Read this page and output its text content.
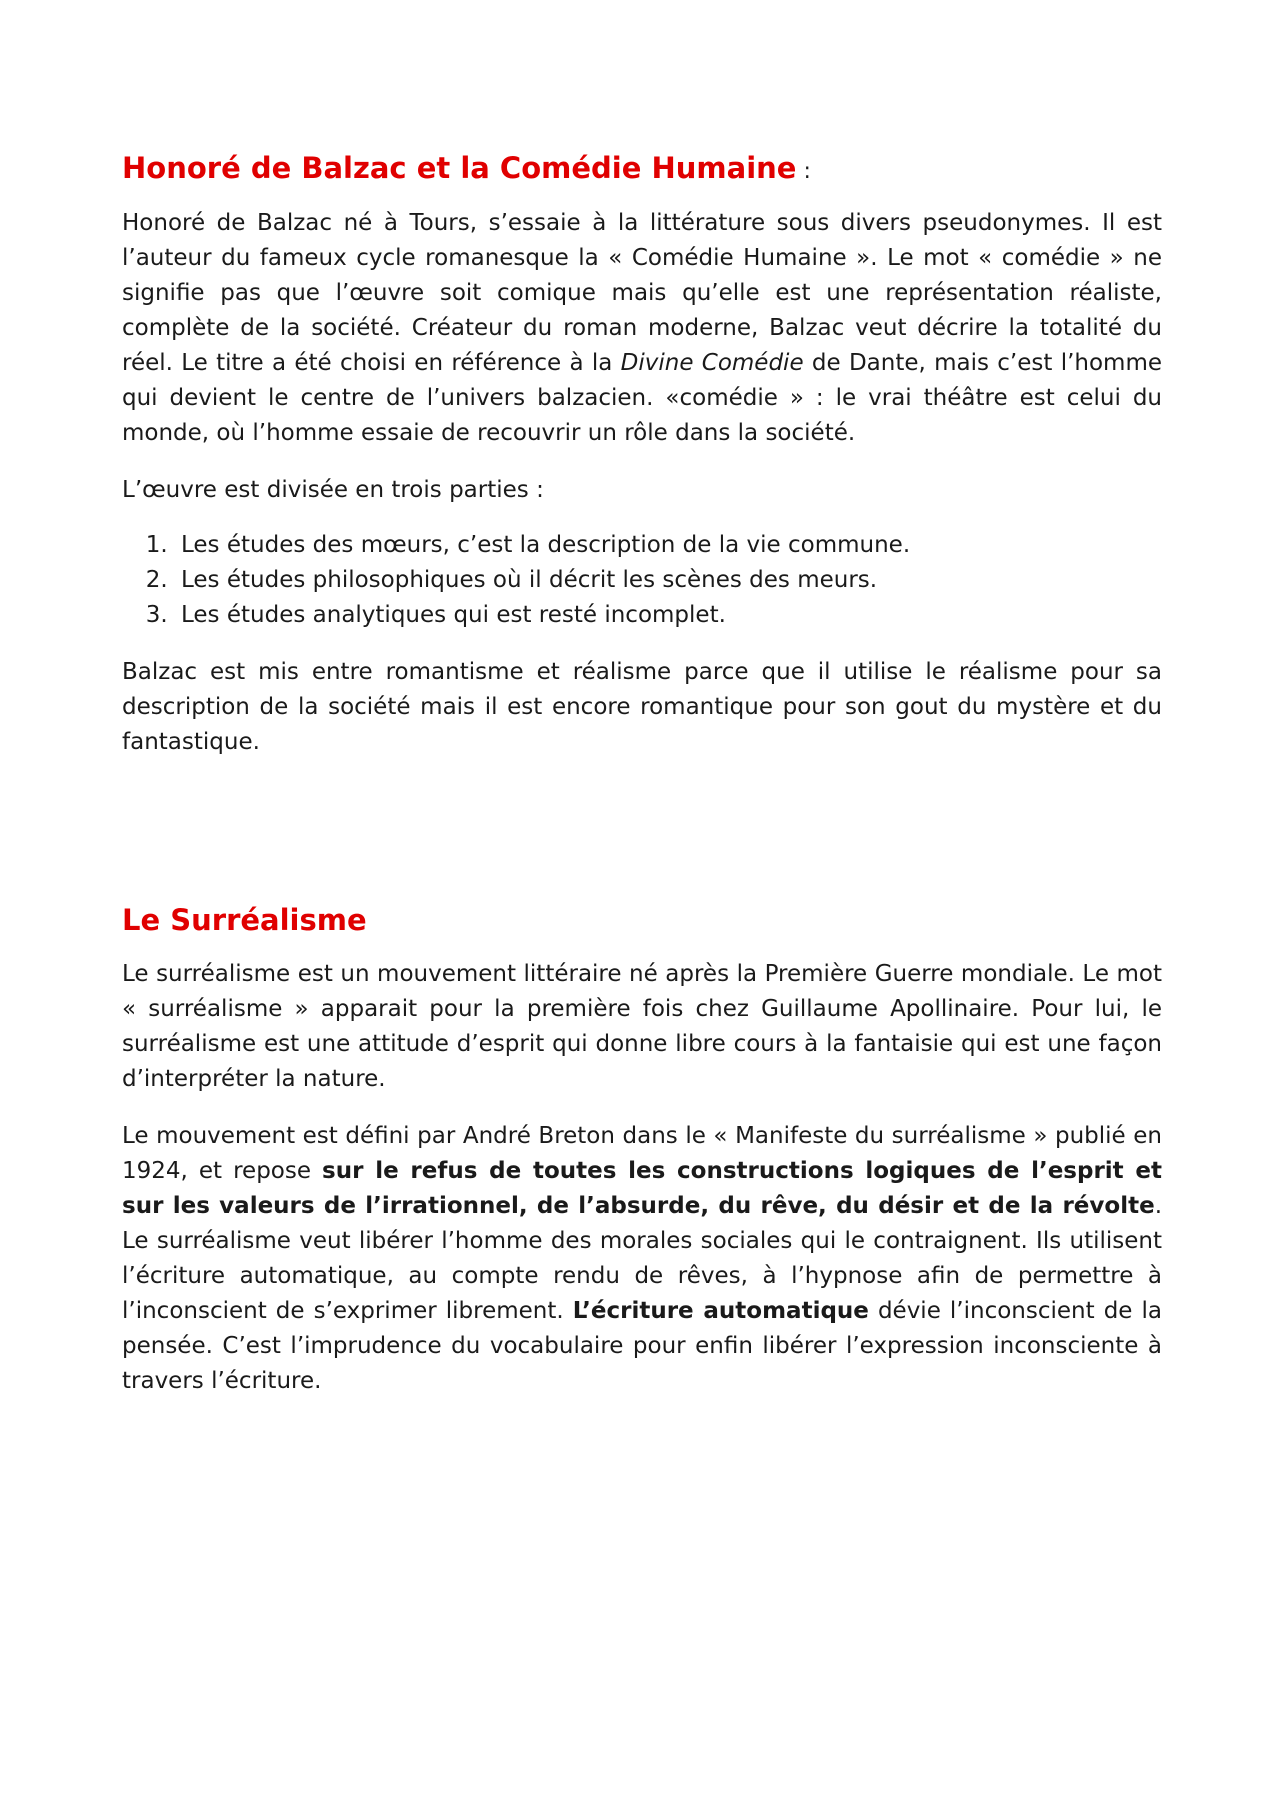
Honoré de Balzac et la Comédie Humaine :

Honoré de Balzac né à Tours, s’essaie à la littérature sous divers pseudonymes. Il est l’auteur du fameux cycle romanesque la « Comédie Humaine ». Le mot « comédie » ne signifie pas que l’œuvre soit comique mais qu’elle est une représentation réaliste, complète de la société. Créateur du roman moderne, Balzac veut décrire la totalité du réel. Le titre a été choisi en référence à la Divine Comédie de Dante, mais c’est l’homme qui devient le centre de l’univers balzacien. «comédie » : le vrai théâtre est celui du monde, où l’homme essaie de recouvrir un rôle dans la société.

L’œuvre est divisée en trois parties :

1. Les études des mœurs, c’est la description de la vie commune.
2. Les études philosophiques où il décrit les scènes des meurs.
3. Les études analytiques qui est resté incomplet.

Balzac est mis entre romantisme et réalisme parce que il utilise le réalisme pour sa description de la société mais il est encore romantique pour son gout du mystère et du fantastique.

Le Surréalisme

Le surréalisme est un mouvement littéraire né après la Première Guerre mondiale. Le mot « surréalisme » apparait pour la première fois chez Guillaume Apollinaire. Pour lui, le surréalisme est une attitude d’esprit qui donne libre cours à la fantaisie qui est une façon d’interpréter la nature.

Le mouvement est défini par André Breton dans le « Manifeste du surréalisme » publié en 1924, et repose sur le refus de toutes les constructions logiques de l’esprit et sur les valeurs de l’irrationnel, de l’absurde, du rêve, du désir et de la révolte. Le surréalisme veut libérer l’homme des morales sociales qui le contraignent. Ils utilisent l’écriture automatique, au compte rendu de rêves, à l’hypnose afin de permettre à l’inconscient de s’exprimer librement. L’écriture automatique dévie l’inconscient de la pensée. C’est l’imprudence du vocabulaire pour enfin libérer l’expression inconsciente à travers l’écriture.
